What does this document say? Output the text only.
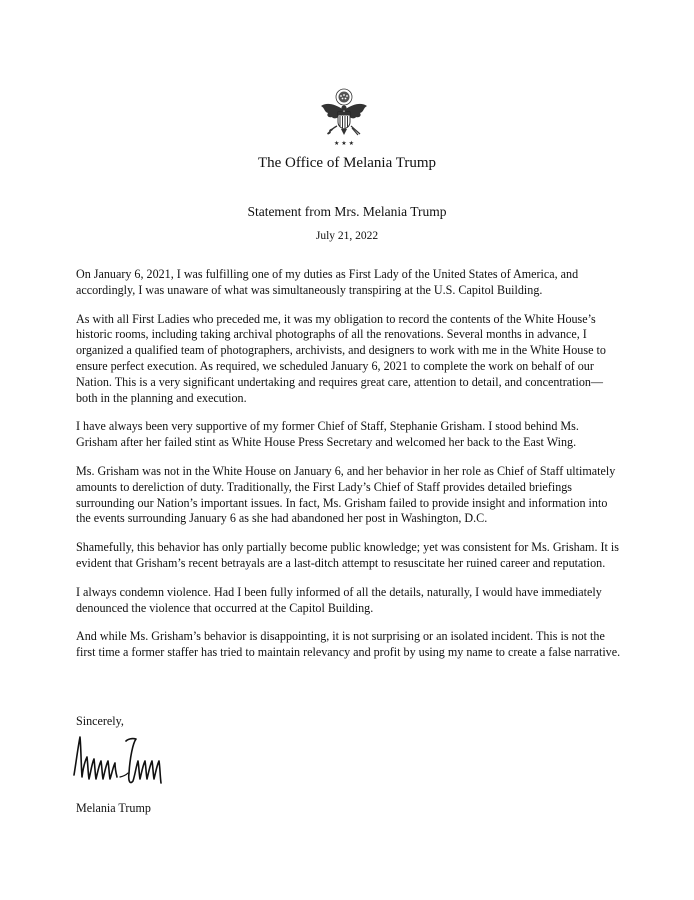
★ ★ ★
The Office of Melania Trump
Statement from Mrs. Melania Trump
July 21, 2022

On January 6, 2021, I was fulfilling one of my duties as First Lady of the United States of America, and accordingly, I was unaware of what was simultaneously transpiring at the U.S. Capitol Building.

As with all First Ladies who preceded me, it was my obligation to record the contents of the White House’s historic rooms, including taking archival photographs of all the renovations. Several months in advance, I organized a qualified team of photographers, archivists, and designers to work with me in the White House to ensure perfect execution. As required, we scheduled January 6, 2021 to complete the work on behalf of our Nation. This is a very significant undertaking and requires great care, attention to detail, and concentration—both in the planning and execution.

I have always been very supportive of my former Chief of Staff, Stephanie Grisham. I stood behind Ms. Grisham after her failed stint as White House Press Secretary and welcomed her back to the East Wing.

Ms. Grisham was not in the White House on January 6, and her behavior in her role as Chief of Staff ultimately amounts to dereliction of duty. Traditionally, the First Lady’s Chief of Staff provides detailed briefings surrounding our Nation’s important issues. In fact, Ms. Grisham failed to provide insight and information into the events surrounding January 6 as she had abandoned her post in Washington, D.C.

Shamefully, this behavior has only partially become public knowledge; yet was consistent for Ms. Grisham. It is evident that Grisham’s recent betrayals are a last-ditch attempt to resuscitate her ruined career and reputation.

I always condemn violence. Had I been fully informed of all the details, naturally, I would have immediately denounced the violence that occurred at the Capitol Building.

And while Ms. Grisham’s behavior is disappointing, it is not surprising or an isolated incident. This is not the first time a former staffer has tried to maintain relevancy and profit by using my name to create a false narrative.

Sincerely,
Melania Trump
